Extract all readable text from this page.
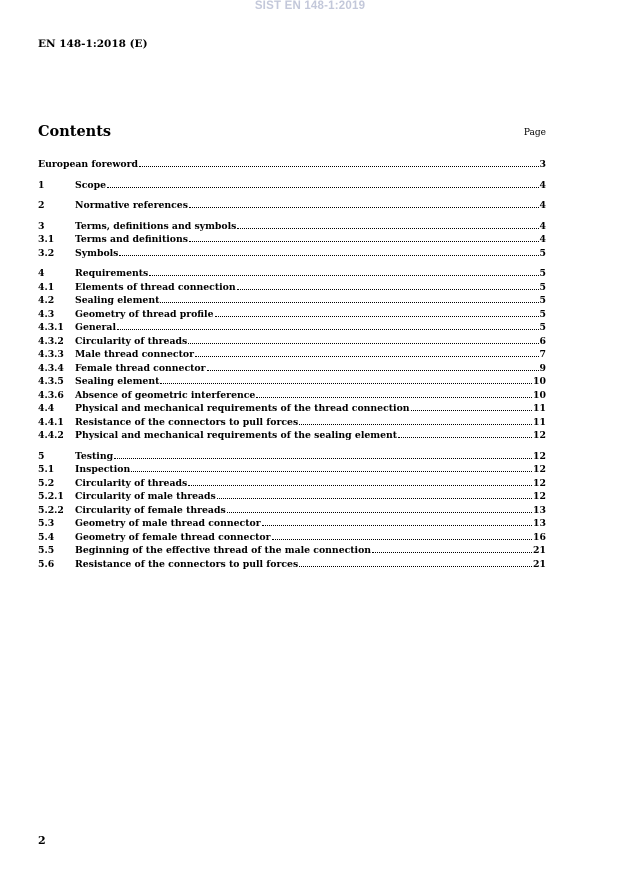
SIST EN 148-1:2019
EN 148-1:2018 (E)
Contents	Page
European foreword	3
1	Scope	4
2	Normative references	4
3	Terms, definitions and symbols	4
3.1	Terms and definitions	4
3.2	Symbols	5
4	Requirements	5
4.1	Elements of thread connection	5
4.2	Sealing element	5
4.3	Geometry of thread profile	5
4.3.1	General	5
4.3.2	Circularity of threads	6
4.3.3	Male thread connector	7
4.3.4	Female thread connector	9
4.3.5	Sealing element	10
4.3.6	Absence of geometric interference	10
4.4	Physical and mechanical requirements of the thread connection	11
4.4.1	Resistance of the connectors to pull forces	11
4.4.2	Physical and mechanical requirements of the sealing element	12
5	Testing	12
5.1	Inspection	12
5.2	Circularity of threads	12
5.2.1	Circularity of male threads	12
5.2.2	Circularity of female threads	13
5.3	Geometry of male thread connector	13
5.4	Geometry of female thread connector	16
5.5	Beginning of the effective thread of the male connection	21
5.6	Resistance of the connectors to pull forces	21
2
